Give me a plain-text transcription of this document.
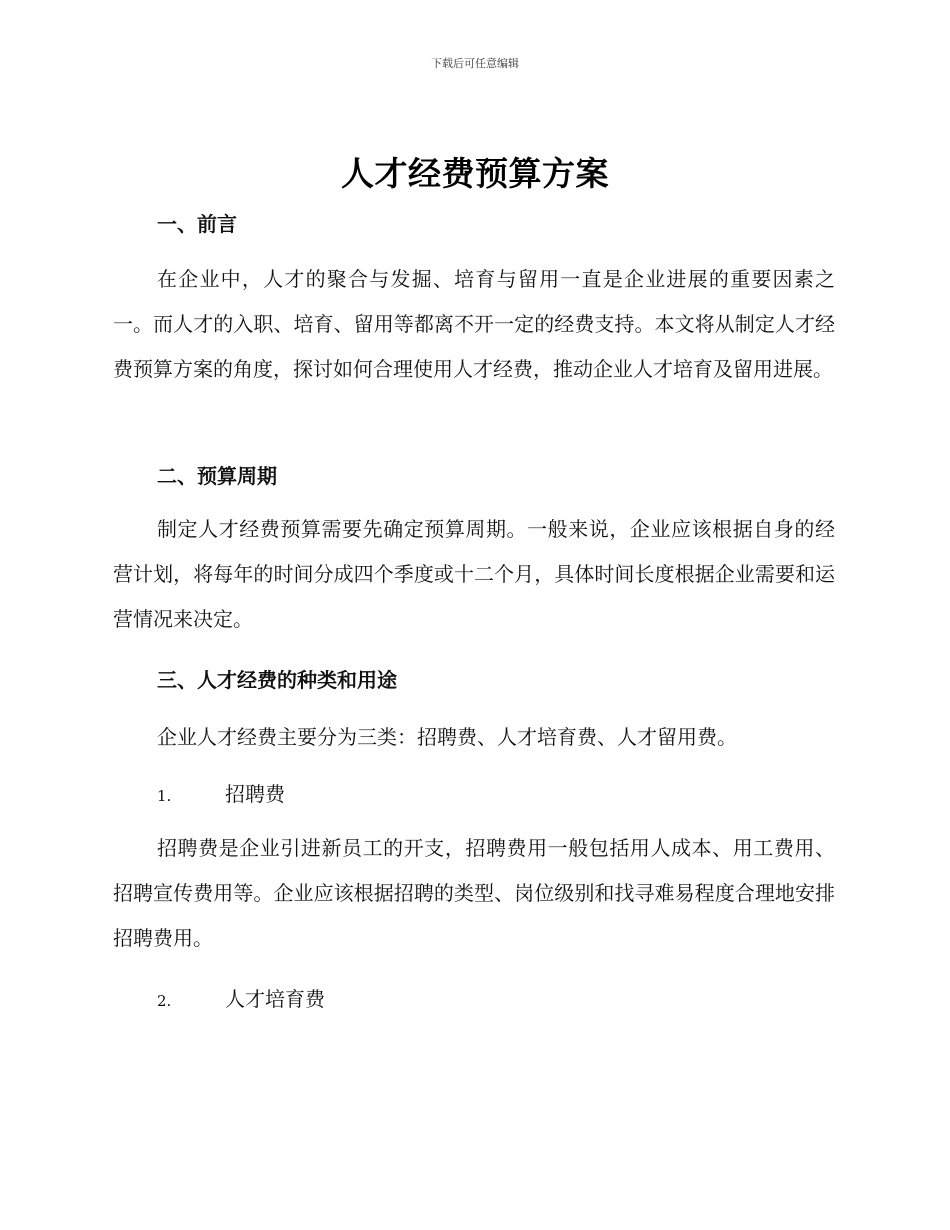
下载后可任意编辑
人才经费预算方案
一、前言
在企业中，人才的聚合与发掘、培育与留用一直是企业进展的重要因素之一。而人才的入职、培育、留用等都离不开一定的经费支持。本文将从制定人才经费预算方案的角度，探讨如何合理使用人才经费，推动企业人才培育及留用进展。
二、预算周期
制定人才经费预算需要先确定预算周期。一般来说，企业应该根据自身的经营计划，将每年的时间分成四个季度或十二个月，具体时间长度根据企业需要和运营情况来决定。
三、人才经费的种类和用途
企业人才经费主要分为三类：招聘费、人才培育费、人才留用费。
1.	招聘费
招聘费是企业引进新员工的开支，招聘费用一般包括用人成本、用工费用、招聘宣传费用等。企业应该根据招聘的类型、岗位级别和找寻难易程度合理地安排招聘费用。
2.	人才培育费
